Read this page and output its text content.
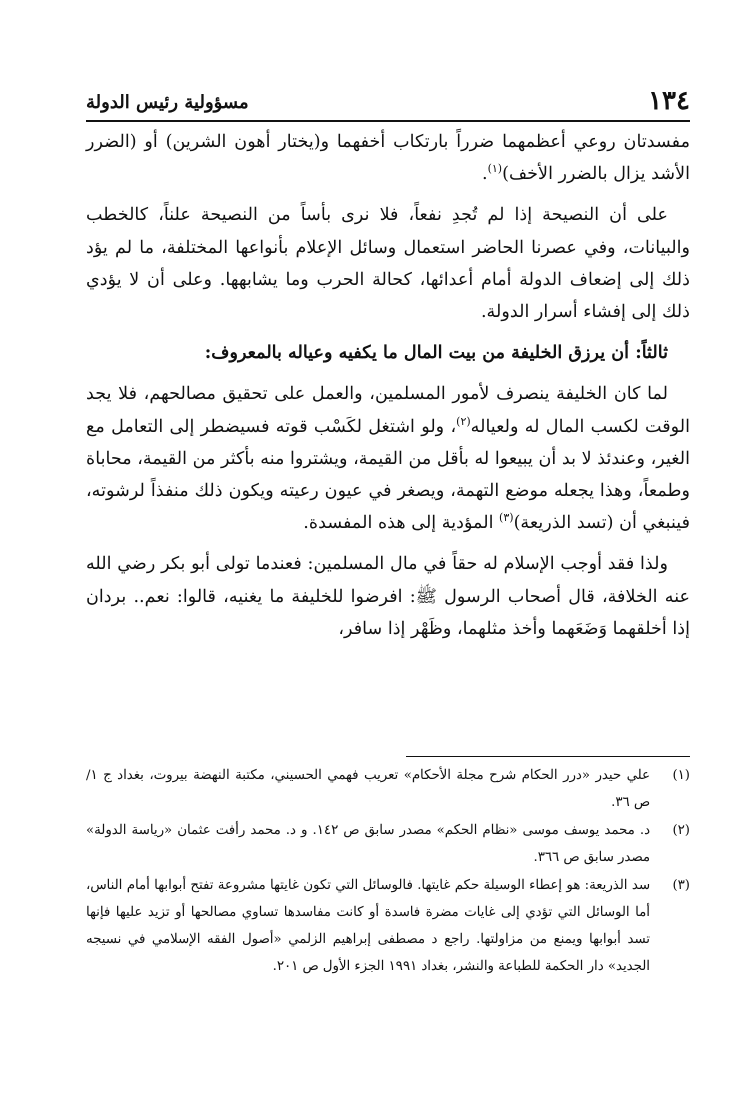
١٣٤
مسؤولية رئيس الدولة

مفسدتان روعي أعظمهما ضرراً بارتكاب أخفهما و(يختار أهون الشرين) أو (الضرر الأشد يزال بالضرر الأخف)$^{(١)}$.

على أن النصيحة إذا لم تُجدِ نفعاً، فلا نرى بأساً من النصيحة علناً، كالخطب والبيانات، وفي عصرنا الحاضر استعمال وسائل الإعلام بأنواعها المختلفة، ما لم يؤد ذلك إلى إضعاف الدولة أمام أعدائها، كحالة الحرب وما يشابهها. وعلى أن لا يؤدي ذلك إلى إفشاء أسرار الدولة.

ثالثاً: أن يرزق الخليفة من بيت المال ما يكفيه وعياله بالمعروف:

لما كان الخليفة ينصرف لأمور المسلمين، والعمل على تحقيق مصالحهم، فلا يجد الوقت لكسب المال له ولعياله$^{(٢)}$، ولو اشتغل لكَسْب قوته فسيضطر إلى التعامل مع الغير، وعندئذ لا بد أن يبيعوا له بأقل من القيمة، ويشتروا منه بأكثر من القيمة، محاباة وطمعاً، وهذا يجعله موضع التهمة، ويصغر في عيون رعيته ويكون ذلك منفذاً لرشوته، فينبغي أن (تسد الذريعة)$^{(٣)}$ المؤدية إلى هذه المفسدة.

ولذا فقد أوجب الإسلام له حقاً في مال المسلمين: فعندما تولى أبو بكر رضي الله عنه الخلافة، قال أصحاب الرسول ﷺ: افرضوا للخليفة ما يغنيه، قالوا: نعم.. بردان إذا أخلقهما وَضَعَهما وأخذ مثلهما، وظَهْر إذا سافر،

(١)
علي حيدر «درر الحكام شرح مجلة الأحكام» تعريب فهمي الحسيني، مكتبة النهضة بيروت، بغداد ج ١/ ص ٣٦.
(٢)
د. محمد يوسف موسى «نظام الحكم» مصدر سابق ص ١٤٢. و د. محمد رأفت عثمان «رياسة الدولة» مصدر سابق ص ٣٦٦.
(٣)
سد الذريعة: هو إعطاء الوسيلة حكم غايتها. فالوسائل التي تكون غايتها مشروعة تفتح أبوابها أمام الناس، أما الوسائل التي تؤدي إلى غايات مضرة فاسدة أو كانت مفاسدها تساوي مصالحها أو تزيد عليها فإنها تسد أبوابها ويمنع من مزاولتها. راجع د مصطفى إبراهيم الزلمي «أصول الفقه الإسلامي في نسيجه الجديد» دار الحكمة للطباعة والنشر، بغداد ١٩٩١ الجزء الأول ص ٢٠١.
